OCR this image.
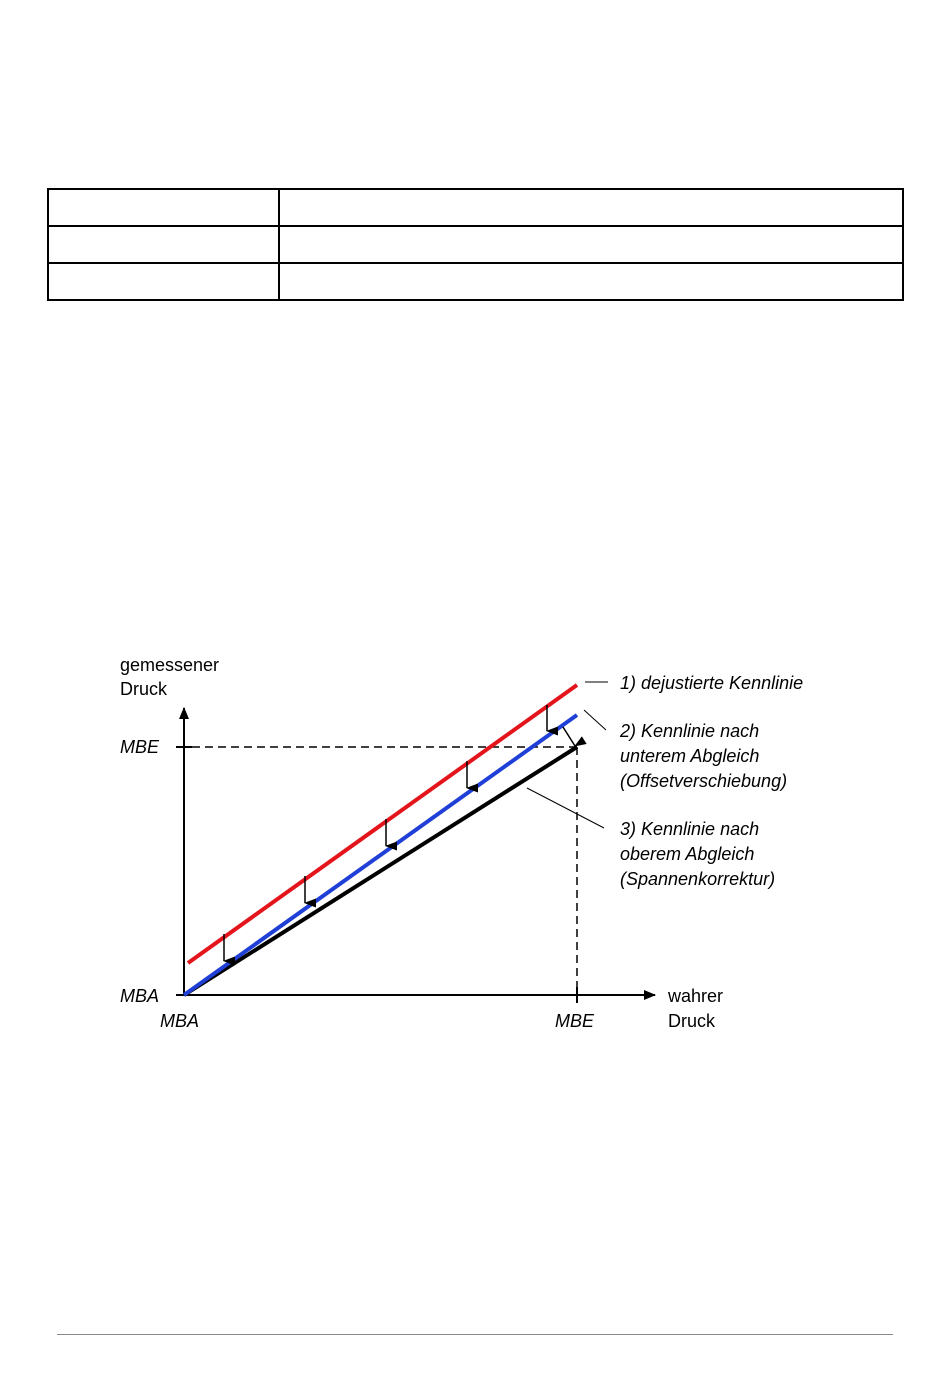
gemessener
Druck
wahrer
Druck
MBE
MBA
MBA	MBE
1) dejustierte Kennlinie
2) Kennlinie nach
unterem Abgleich
(Offsetverschiebung)
3) Kennlinie nach
oberem Abgleich
(Spannenkorrektur)
